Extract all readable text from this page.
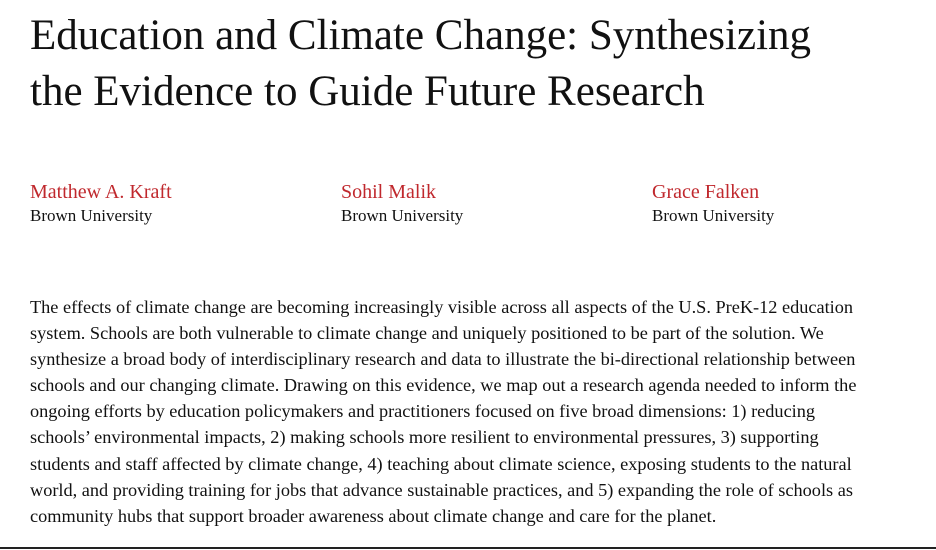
Education and Climate Change: Synthesizing
the Evidence to Guide Future Research
Matthew A. Kraft
Brown University
Sohil Malik
Brown University
Grace Falken
Brown University
The effects of climate change are becoming increasingly visible across all aspects of the U.S. PreK-12 education
system. Schools are both vulnerable to climate change and uniquely positioned to be part of the solution. We
synthesize a broad body of interdisciplinary research and data to illustrate the bi-directional relationship between
schools and our changing climate. Drawing on this evidence, we map out a research agenda needed to inform the
ongoing efforts by education policymakers and practitioners focused on five broad dimensions: 1) reducing
schools’ environmental impacts, 2) making schools more resilient to environmental pressures, 3) supporting
students and staff affected by climate change, 4) teaching about climate science, exposing students to the natural
world, and providing training for jobs that advance sustainable practices, and 5) expanding the role of schools as
community hubs that support broader awareness about climate change and care for the planet.
